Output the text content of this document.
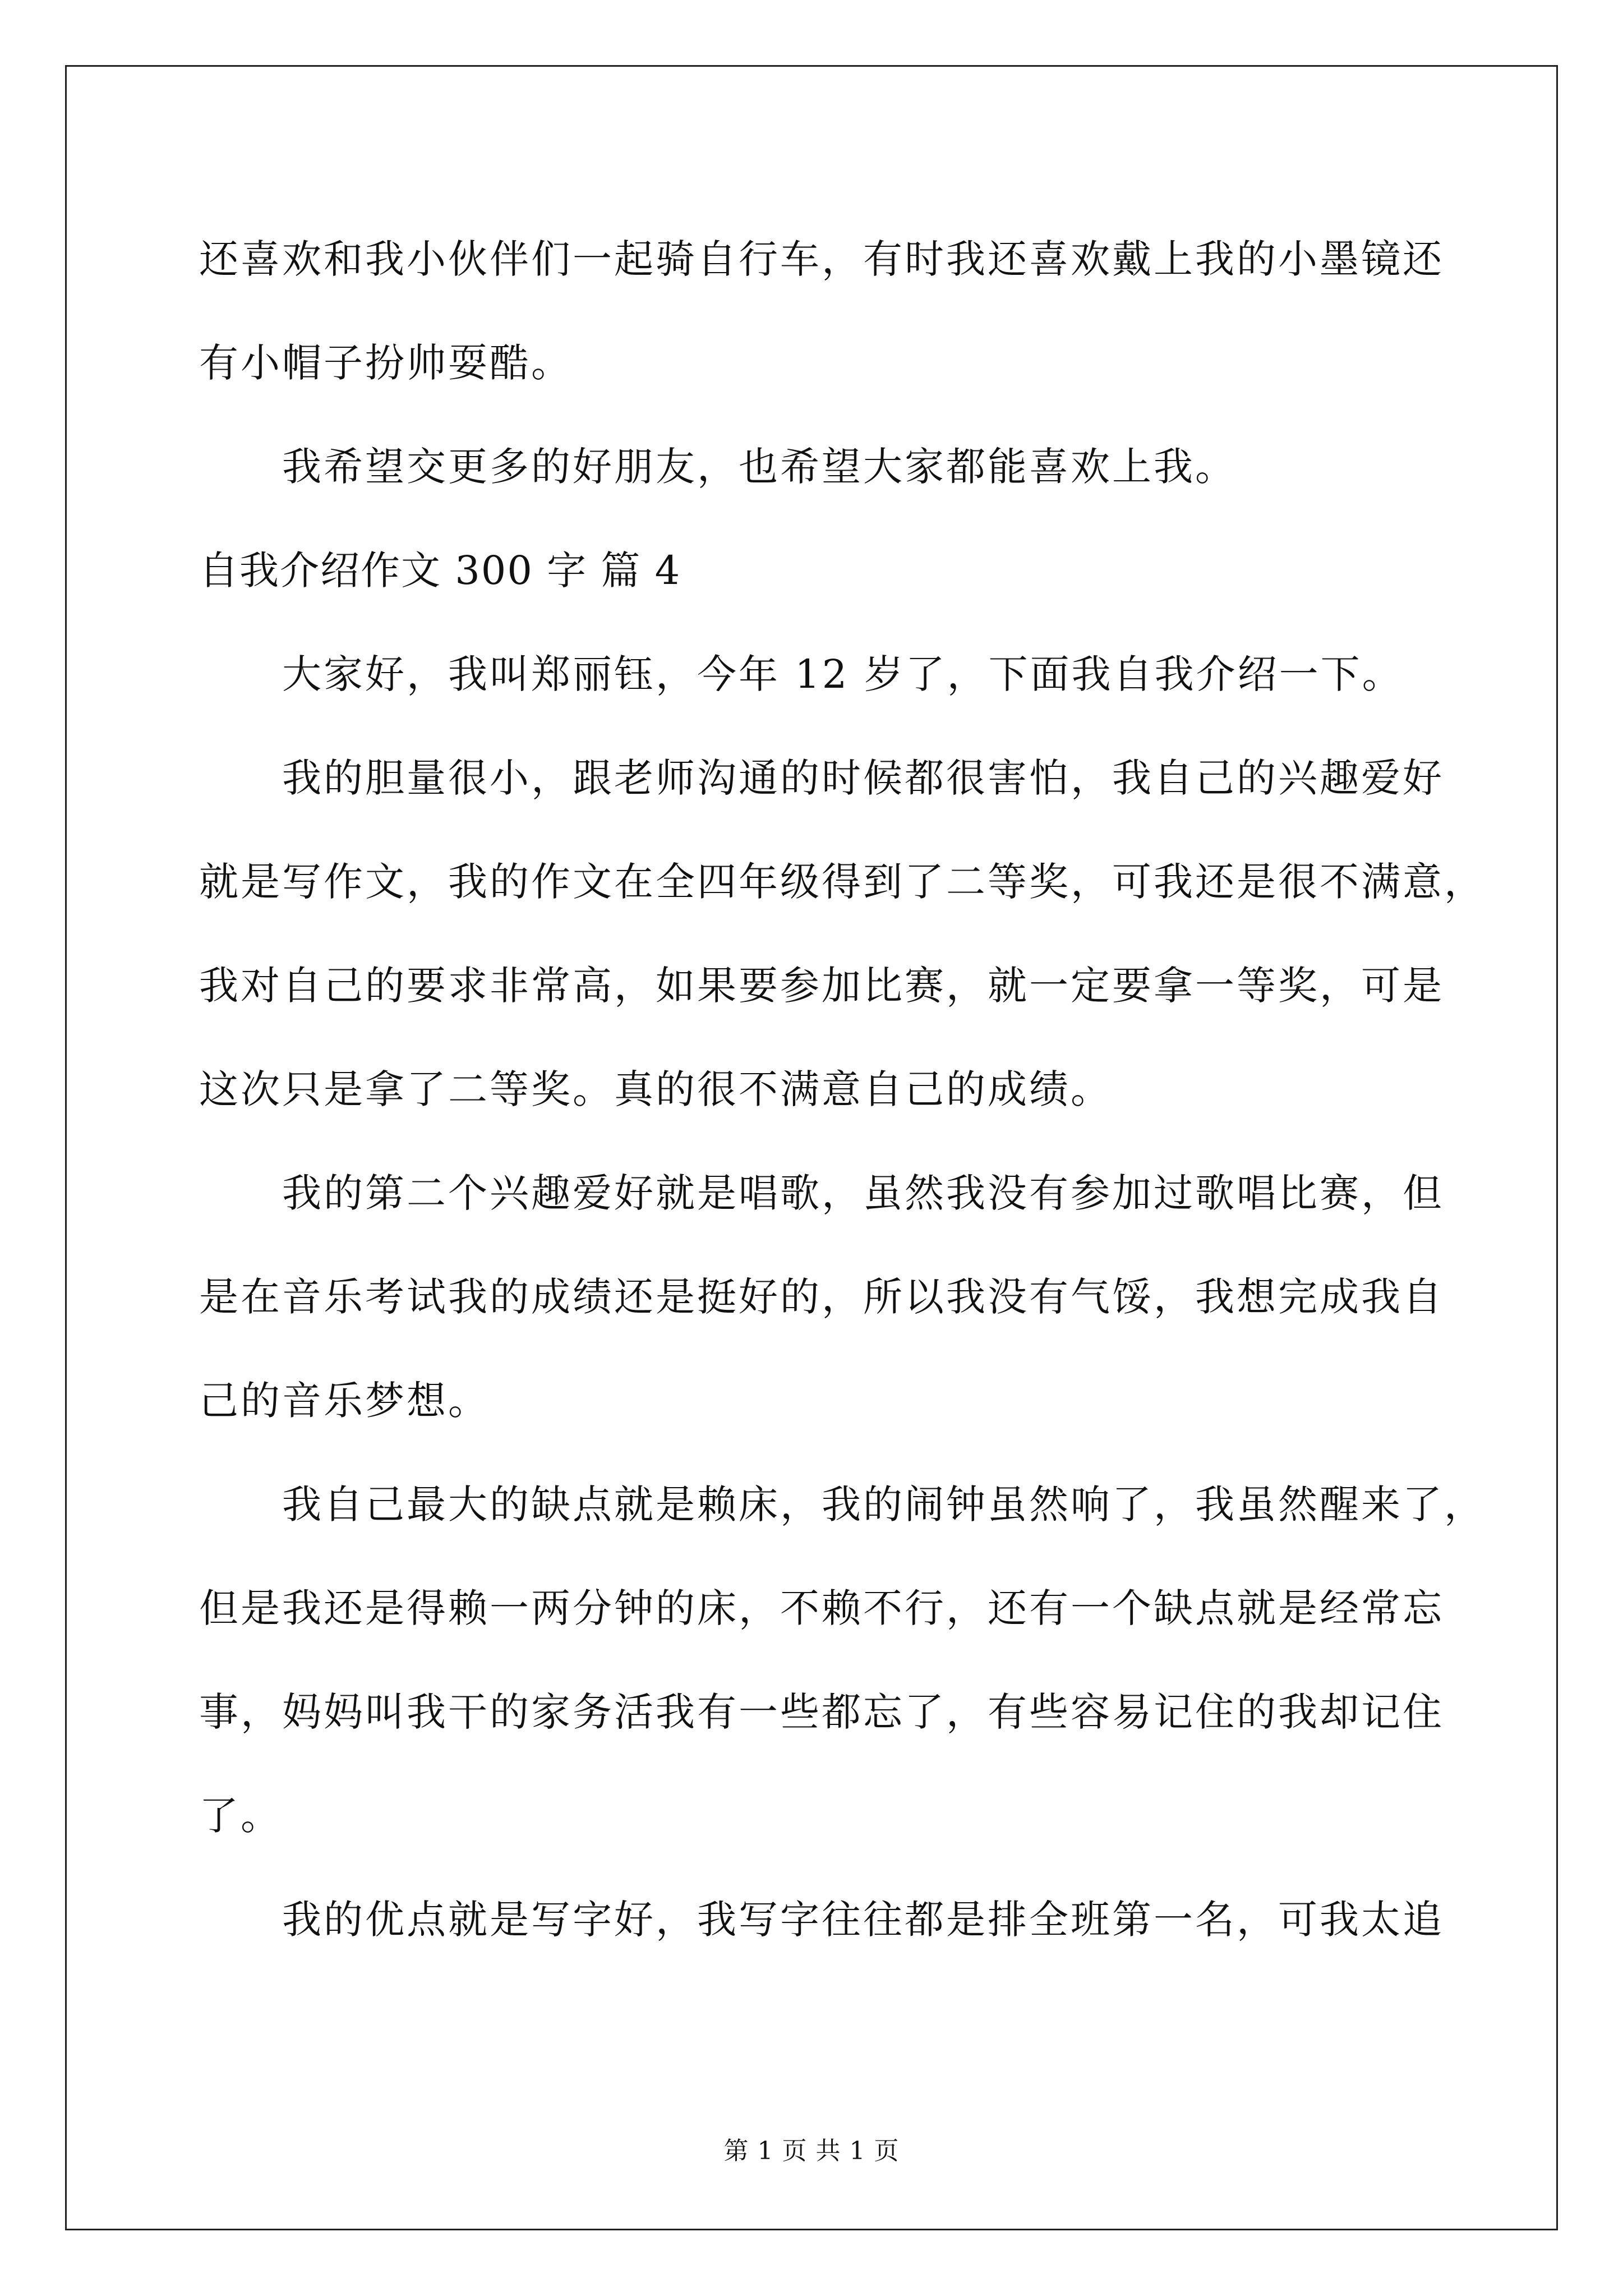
还喜欢和我小伙伴们一起骑自行车，有时我还喜欢戴上我的小墨镜还
有小帽子扮帅耍酷。
我希望交更多的好朋友，也希望大家都能喜欢上我。
自我介绍作文 300 字 篇 4
大家好，我叫郑丽钰，今年 12 岁了，下面我自我介绍一下。
我的胆量很小，跟老师沟通的时候都很害怕，我自己的兴趣爱好
就是写作文，我的作文在全四年级得到了二等奖，可我还是很不满意，
我对自己的要求非常高，如果要参加比赛，就一定要拿一等奖，可是
这次只是拿了二等奖。真的很不满意自己的成绩。
我的第二个兴趣爱好就是唱歌，虽然我没有参加过歌唱比赛，但
是在音乐考试我的成绩还是挺好的，所以我没有气馁，我想完成我自
己的音乐梦想。
我自己最大的缺点就是赖床，我的闹钟虽然响了，我虽然醒来了，
但是我还是得赖一两分钟的床，不赖不行，还有一个缺点就是经常忘
事，妈妈叫我干的家务活我有一些都忘了，有些容易记住的我却记住
了。
我的优点就是写字好，我写字往往都是排全班第一名，可我太追
第 1 页 共 1 页
